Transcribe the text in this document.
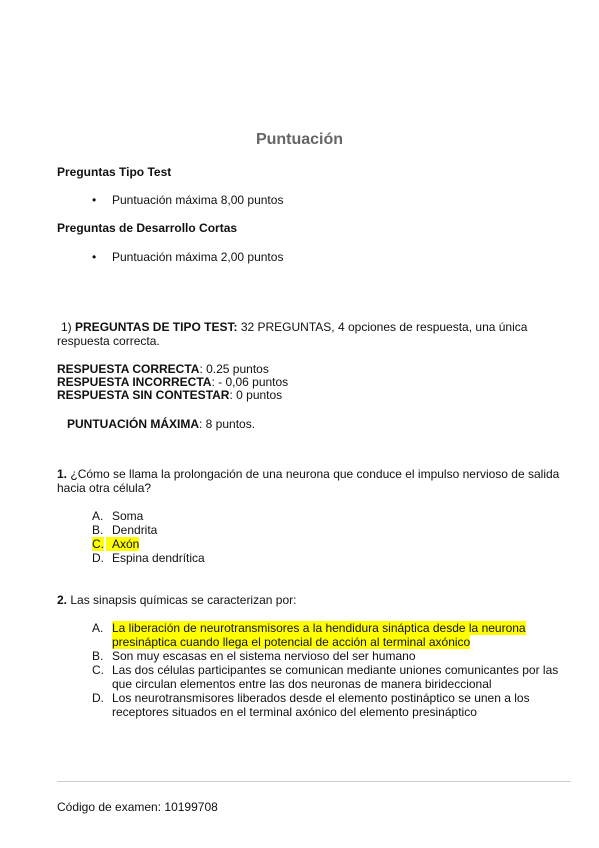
Puntuación
Preguntas Tipo Test
• Puntuación máxima 8,00 puntos
Preguntas de Desarrollo Cortas
• Puntuación máxima 2,00 puntos
1) PREGUNTAS DE TIPO TEST: 32 PREGUNTAS, 4 opciones de respuesta, una única
respuesta correcta.
RESPUESTA CORRECTA: 0.25 puntos
RESPUESTA INCORRECTA: - 0,06 puntos
RESPUESTA SIN CONTESTAR: 0 puntos
PUNTUACIÓN MÁXIMA: 8 puntos.
1. ¿Cómo se llama la prolongación de una neurona que conduce el impulso nervioso de salida
hacia otra célula?
A. Soma
B. Dendrita
C. Axón
D. Espina dendrítica
2. Las sinapsis químicas se caracterizan por:
A. La liberación de neurotransmisores a la hendidura sináptica desde la neurona
presináptica cuando llega el potencial de acción al terminal axónico
B. Son muy escasas en el sistema nervioso del ser humano
C. Las dos células participantes se comunican mediante uniones comunicantes por las
que circulan elementos entre las dos neuronas de manera birideccional
D. Los neurotransmisores liberados desde el elemento postináptico se unen a los
receptores situados en el terminal axónico del elemento presináptico
Código de examen: 10199708
